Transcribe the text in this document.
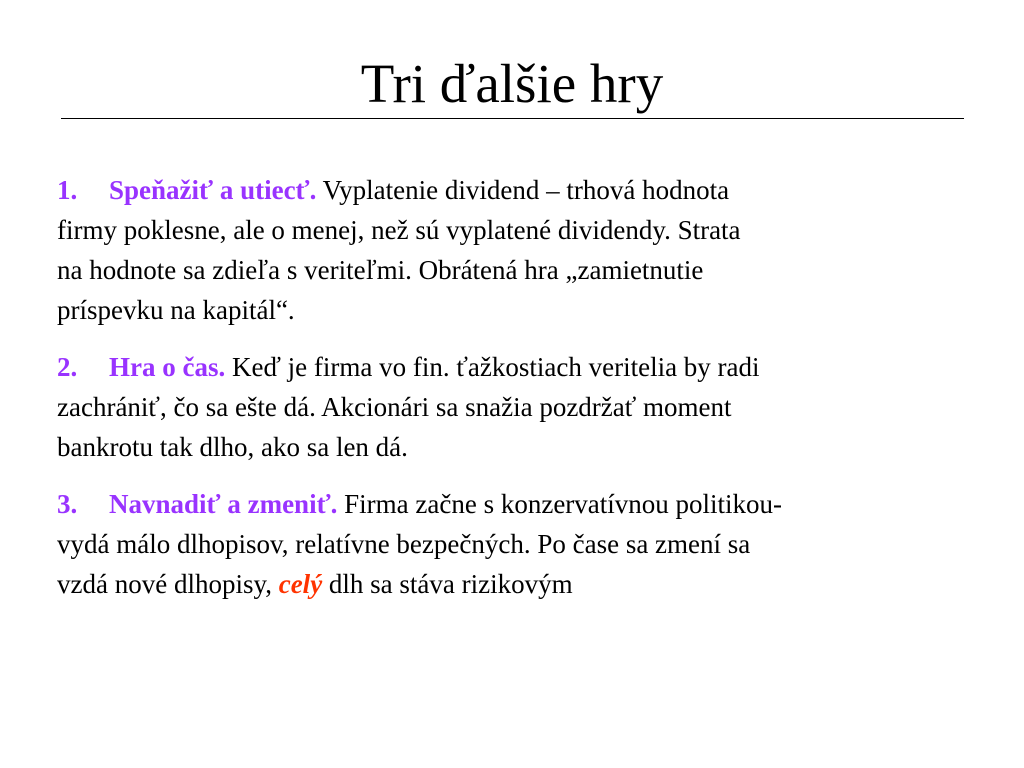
Tri ďalšie hry
1. Speňažiť a utiecť. Vyplatenie dividend – trhová hodnota
firmy poklesne, ale o menej, než sú vyplatené dividendy. Strata
na hodnote sa zdieľa s veriteľmi. Obrátená hra „zamietnutie
príspevku na kapitál“.
2. Hra o čas. Keď je firma vo fin. ťažkostiach veritelia by radi
zachrániť, čo sa ešte dá. Akcionári sa snažia pozdržať moment
bankrotu tak dlho, ako sa len dá.
3. Navnadiť a zmeniť. Firma začne s konzervatívnou politikou-
vydá málo dlhopisov, relatívne bezpečných. Po čase sa zmení sa
vzdá nové dlhopisy, celý dlh sa stáva rizikovým
